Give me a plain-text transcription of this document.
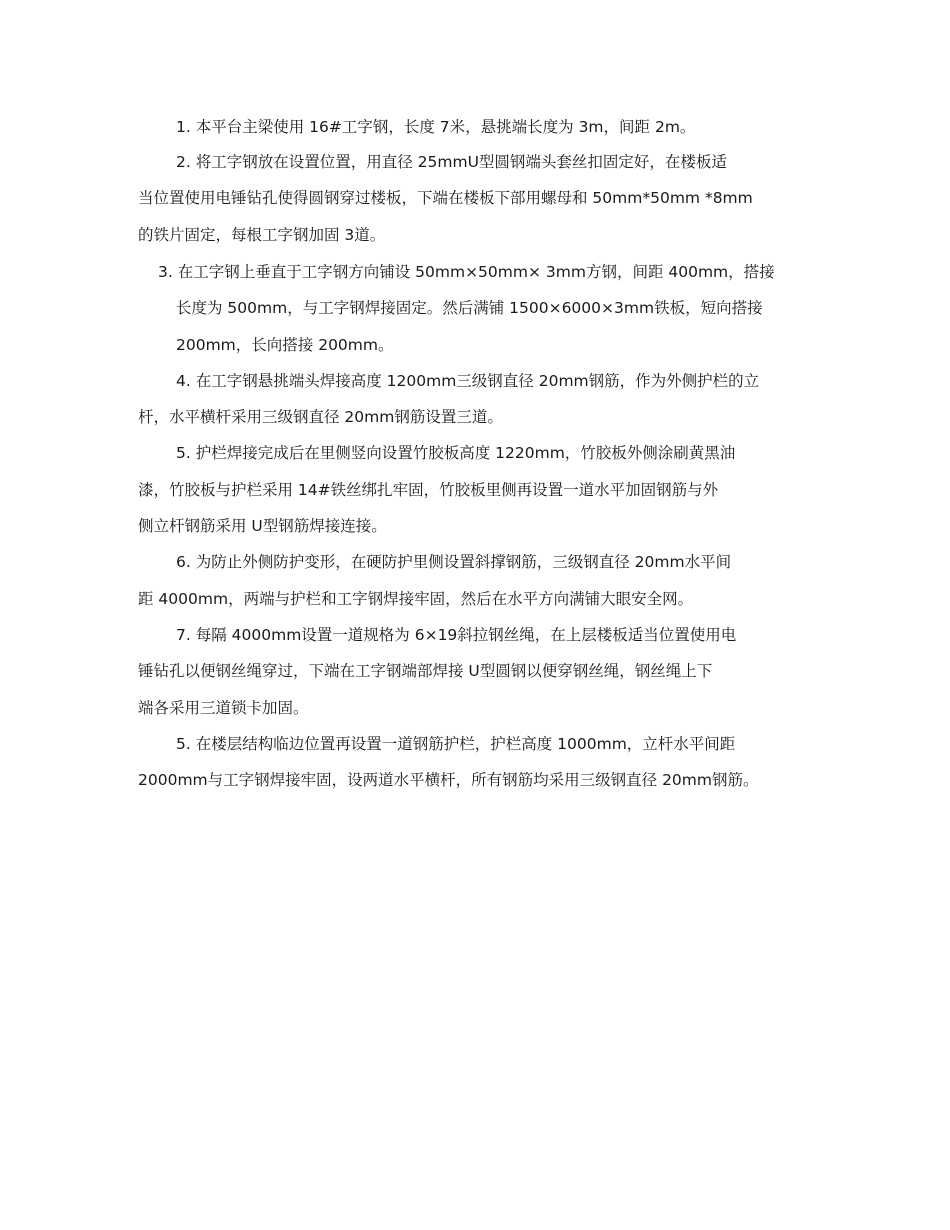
1. 本平台主梁使用 16#工字钢，长度 7米，悬挑端长度为 3m，间距 2m。
2. 将工字钢放在设置位置，用直径 25mmU型圆钢端头套丝扣固定好，在楼板适
当位置使用电锤钻孔使得圆钢穿过楼板，下端在楼板下部用螺母和 50mm*50mm *8mm
的铁片固定，每根工字钢加固 3道。
3. 在工字钢上垂直于工字钢方向铺设 50mm×50mm× 3mm方钢，间距 400mm，搭接
长度为 500mm，与工字钢焊接固定。然后满铺 1500×6000×3mm铁板，短向搭接
200mm，长向搭接 200mm。
4. 在工字钢悬挑端头焊接高度 1200mm三级钢直径 20mm钢筋，作为外侧护栏的立
杆，水平横杆采用三级钢直径 20mm钢筋设置三道。
5. 护栏焊接完成后在里侧竖向设置竹胶板高度 1220mm，竹胶板外侧涂刷黄黑油
漆，竹胶板与护栏采用 14#铁丝绑扎牢固，竹胶板里侧再设置一道水平加固钢筋与外
侧立杆钢筋采用 U型钢筋焊接连接。
6. 为防止外侧防护变形，在硬防护里侧设置斜撑钢筋，三级钢直径 20mm水平间
距 4000mm，两端与护栏和工字钢焊接牢固，然后在水平方向满铺大眼安全网。
7. 每隔 4000mm设置一道规格为 6×19斜拉钢丝绳，在上层楼板适当位置使用电
锤钻孔以便钢丝绳穿过，下端在工字钢端部焊接 U型圆钢以便穿钢丝绳，钢丝绳上下
端各采用三道锁卡加固。
5. 在楼层结构临边位置再设置一道钢筋护栏，护栏高度 1000mm，立杆水平间距
2000mm与工字钢焊接牢固，设两道水平横杆，所有钢筋均采用三级钢直径 20mm钢筋。
